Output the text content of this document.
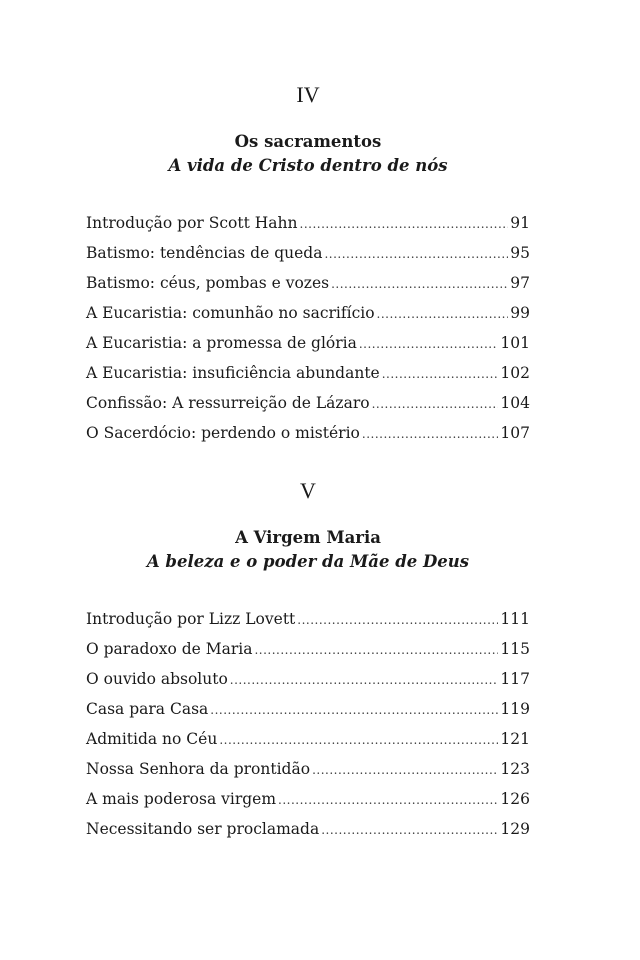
IV

Os sacramentos

A vida de Cristo dentro de nós

Introdução por Scott Hahn .....	91
Batismo: tendências de queda .....	95
Batismo: céus, pombas e vozes .....	97
A Eucaristia: comunhão no sacrifício .....	99
A Eucaristia: a promessa de glória .....	101
A Eucaristia: insuficiência abundante .....	102
Confissão: A ressurreição de Lázaro .....	104
O Sacerdócio: perdendo o mistério .....	107

V

A Virgem Maria

A beleza e o poder da Mãe de Deus

Introdução por Lizz Lovett .....	111
O paradoxo de Maria .....	115
O ouvido absoluto .....	117
Casa para Casa .....	119
Admitida no Céu .....	121
Nossa Senhora da prontidão .....	123
A mais poderosa virgem .....	126
Necessitando ser proclamada .....	129
